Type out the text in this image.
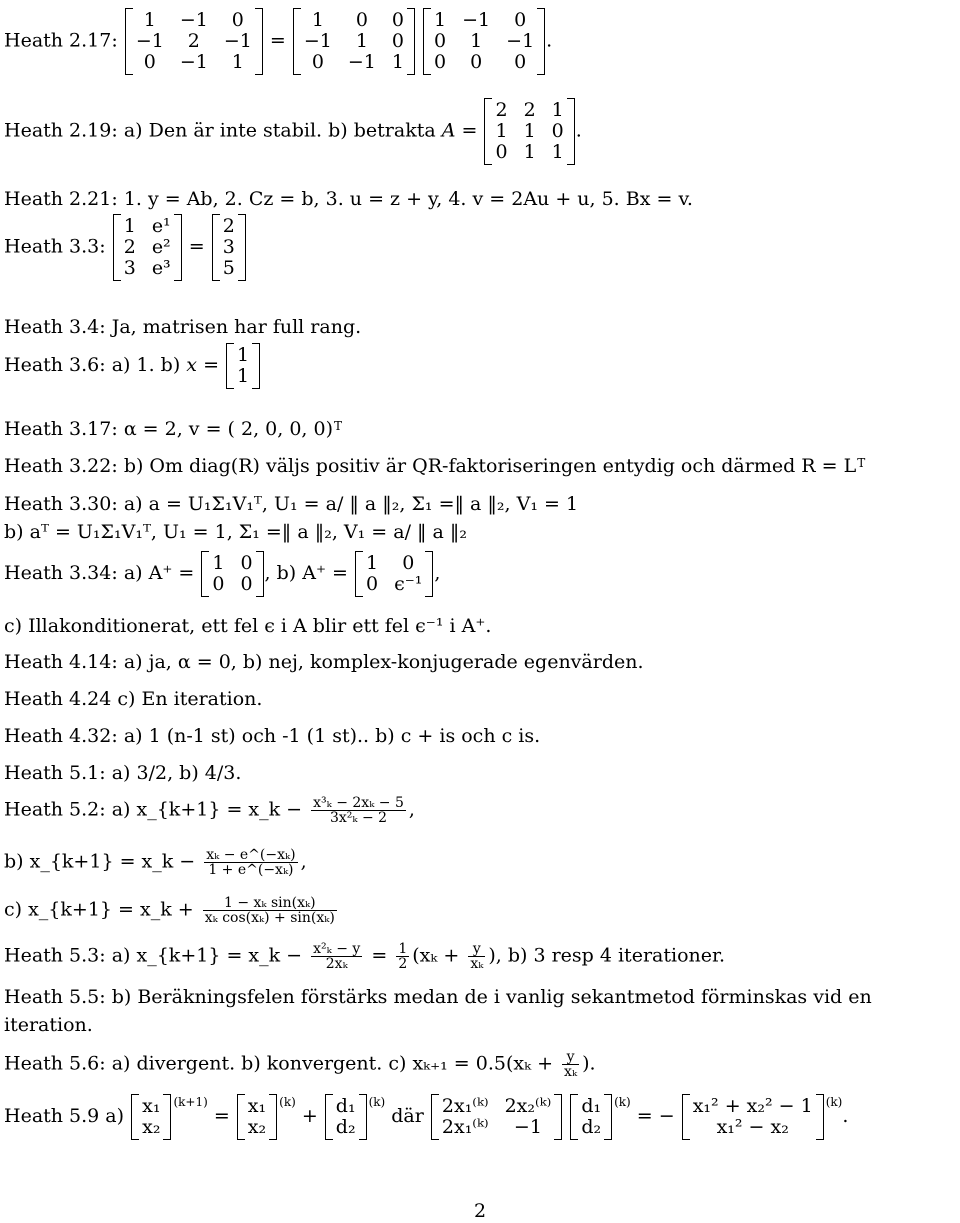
Heath 2.17:
1	−1	0
−1	2	−1
0	−1	1
=
1	0	0
−1	1	0
0	−1	1

1	−1	0
0	1	−1
0	0	0
.
Heath 2.19: a) Den är inte stabil. b) betrakta A =
2	2	1
1	1	0
0	1	1
.
Heath 2.21: 1. y = Ab, 2. Cz = b, 3. u = z + y, 4. v = 2Au + u, 5. Bx = v.
Heath 3.3:
1	e¹
2	e²
3	e³
=
2
3
5
Heath 3.4: Ja, matrisen har full rang.
Heath 3.6: a) 1. b) x = 1
1
Heath 3.17: α = 2, v = ( 2, 0, 0, 0)$^T$
Heath 3.22: b) Om diag(R) väljs positiv är QR-faktoriseringen entydig och därmed $R = L^T$
Heath 3.30: a) a = U₁Σ₁V₁ᵀ, U₁ = a/ ‖ a ‖₂, Σ₁ =‖ a ‖₂, V₁ = 1
b) aᵀ = U₁Σ₁V₁ᵀ, U₁ = 1, Σ₁ =‖ a ‖₂, V₁ = a/ ‖ a ‖₂
Heath 3.34: a) A⁺ = 1	0
0	0 , b) A⁺ = 1	0
0	ϵ⁻¹ ,
c) Illakonditionerat, ett fel ϵ i A blir ett fel ϵ⁻¹ i A⁺.
Heath 4.14: a) ja, α = 0, b) nej, komplex-konjugerade egenvärden.
Heath 4.24 c) En iteration.
Heath 4.32: a) 1 (n-1 st) och -1 (1 st).. b) c + is och c is.
Heath 5.1: a) 3/2, b) 4/3.
Heath 5.2: a) x_{k+1} = x_k − $\frac{\text{x³ₖ − 2xₖ − 5}}{\text{3x²ₖ − 2}}$ ,
b) x_{k+1} = x_k − $\frac{\text{xₖ − e\textasciicircum{}(−xₖ)}}{\text{1 + e\textasciicircum{}(−xₖ)}}$ ,
c) x_{k+1} = x_k + $\frac{\text{1 − xₖ sin(xₖ)}}{\text{xₖ cos(xₖ) + sin(xₖ)}}$
Heath 5.3: a) x_{k+1} = x_k − $\frac{\text{x²ₖ − y}}{\text{2xₖ}} = \frac{1}{2} (x_k + \frac{y}{\text{xₖ}}$ ), b) 3 resp 4 iterationer.
Heath 5.5: b) Beräkningsfelen förstärks medan de i vanlig sekantmetod förminskas vid en
iteration.
Heath 5.6: a) divergent. b) konvergent. c) $x_{k+1} = 0.5(x_k + \frac{y}{\text{xₖ}}$ ).
Heath 5.9 a) x₁
x₂
$^{(k+1)}$ = x₁
x₂
$^{(k)}$ + d₁
d₂
$^{(k)}$ där 2x₁⁽ᵏ⁾	2x₂⁽ᵏ⁾
2x₁⁽ᵏ⁾	−1

d₁
d₂
$^{(k)}$ = − x₁² + x₂² − 1
x₁² − x₂
$^{(k)}$.
2
